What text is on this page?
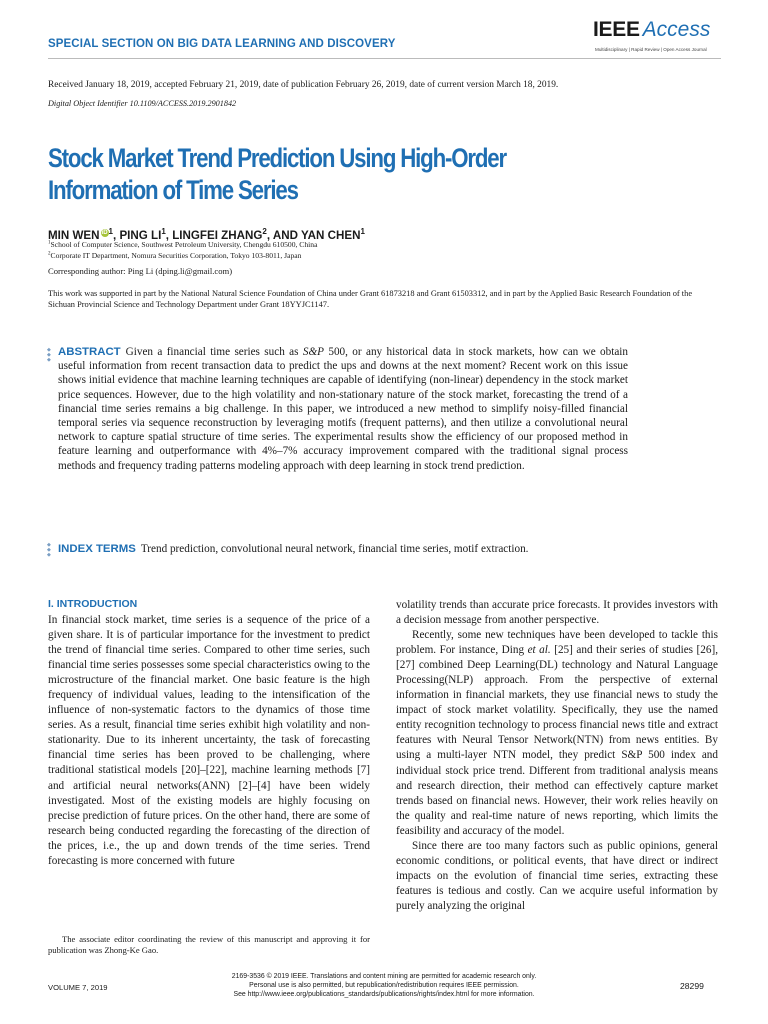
SPECIAL SECTION ON BIG DATA LEARNING AND DISCOVERY
IEEE Access
Multidisciplinary | Rapid Review | Open Access Journal
Received January 18, 2019, accepted February 21, 2019, date of publication February 26, 2019, date of current version March 18, 2019.
Digital Object Identifier 10.1109/ACCESS.2019.2901842
Stock Market Trend Prediction Using High-Order Information of Time Series
MIN WEN $iD^1$, PING $LI^1$, LINGFEI ZHANG$^2$, AND YAN CHEN$^1$
$^1$School of Computer Science, Southwest Petroleum University, Chengdu 610500, China
$^2$Corporate IT Department, Nomura Securities Corporation, Tokyo 103-8011, Japan
Corresponding author: Ping Li (dping.li@gmail.com)
This work was supported in part by the National Natural Science Foundation of China under Grant 61873218 and Grant 61503312, and in part by the Applied Basic Research Foundation of the Sichuan Provincial Science and Technology Department under Grant 18YYJC1147.
◆
◆
◆
ABSTRACT Given a financial time series such as S&P 500, or any historical data in stock markets, how can we obtain useful information from recent transaction data to predict the ups and downs at the next moment? Recent work on this issue shows initial evidence that machine learning techniques are capable of identifying (non-linear) dependency in the stock market price sequences. However, due to the high volatility and non-stationary nature of the stock market, forecasting the trend of a financial time series remains a big challenge. In this paper, we introduced a new method to simplify noisy-filled financial temporal series via sequence reconstruction by leveraging motifs (frequent patterns), and then utilize a convolutional neural network to capture spatial structure of time series. The experimental results show the efficiency of our proposed method in feature learning and outperformance with 4%–7% accuracy improvement compared with the traditional signal process methods and frequency trading patterns modeling approach with deep learning in stock trend prediction.
◆
◆
◆
INDEX TERMS Trend prediction, convolutional neural network, financial time series, motif extraction.
I. INTRODUCTION

In financial stock market, time series is a sequence of the price of a given share. It is of particular importance for the investment to predict the trend of financial time series. Compared to other time series, such financial time series possesses some special characteristics owing to the microstructure of the financial market. One basic feature is the high frequency of individual values, leading to the intensification of the influence of non-systematic factors to the dynamics of those time series. As a result, financial time series exhibit high volatility and non-stationarity. Due to its inherent uncertainty, the task of forecasting financial time series has been proved to be challenging, where traditional statistical models [20]–[22], machine learning methods [7] and artificial neural networks(ANN) [2]–[4] have been widely investigated. Most of the existing models are highly focusing on precise prediction of future prices. On the other hand, there are some of research being conducted regarding the forecasting of the direction of the prices, i.e., the up and down trends of the time series. Trend forecasting is more concerned with future

volatility trends than accurate price forecasts. It provides investors with a decision message from another perspective.

Recently, some new techniques have been developed to tackle this problem. For instance, Ding et al. [25] and their series of studies [26], [27] combined Deep Learning(DL) technology and Natural Language Processing(NLP) approach. From the perspective of external information in financial markets, they use financial news to study the impact of stock market volatility. Specifically, they use the named entity recognition technology to process financial news title and extract features with Neural Tensor Network(NTN) from news entities. By using a multi-layer NTN model, they predict S&P 500 index and individual stock price trend. Different from traditional analysis means and research direction, their method can effectively capture market trends based on financial news. However, their work relies heavily on the quality and real-time nature of news reporting, which limits the feasibility and accuracy of the model.

Since there are too many factors such as public opinions, general economic conditions, or political events, that have direct or indirect impacts on the evolution of financial time series, extracting these features is tedious and costly. Can we acquire useful information by purely analyzing the original

The associate editor coordinating the review of this manuscript and approving it for publication was Zhong-Ke Gao.

VOLUME 7, 2019
2169-3536 © 2019 IEEE. Translations and content mining are permitted for academic research only.
Personal use is also permitted, but republication/redistribution requires IEEE permission.
See http://www.ieee.org/publications_standards/publications/rights/index.html for more information.
28299
